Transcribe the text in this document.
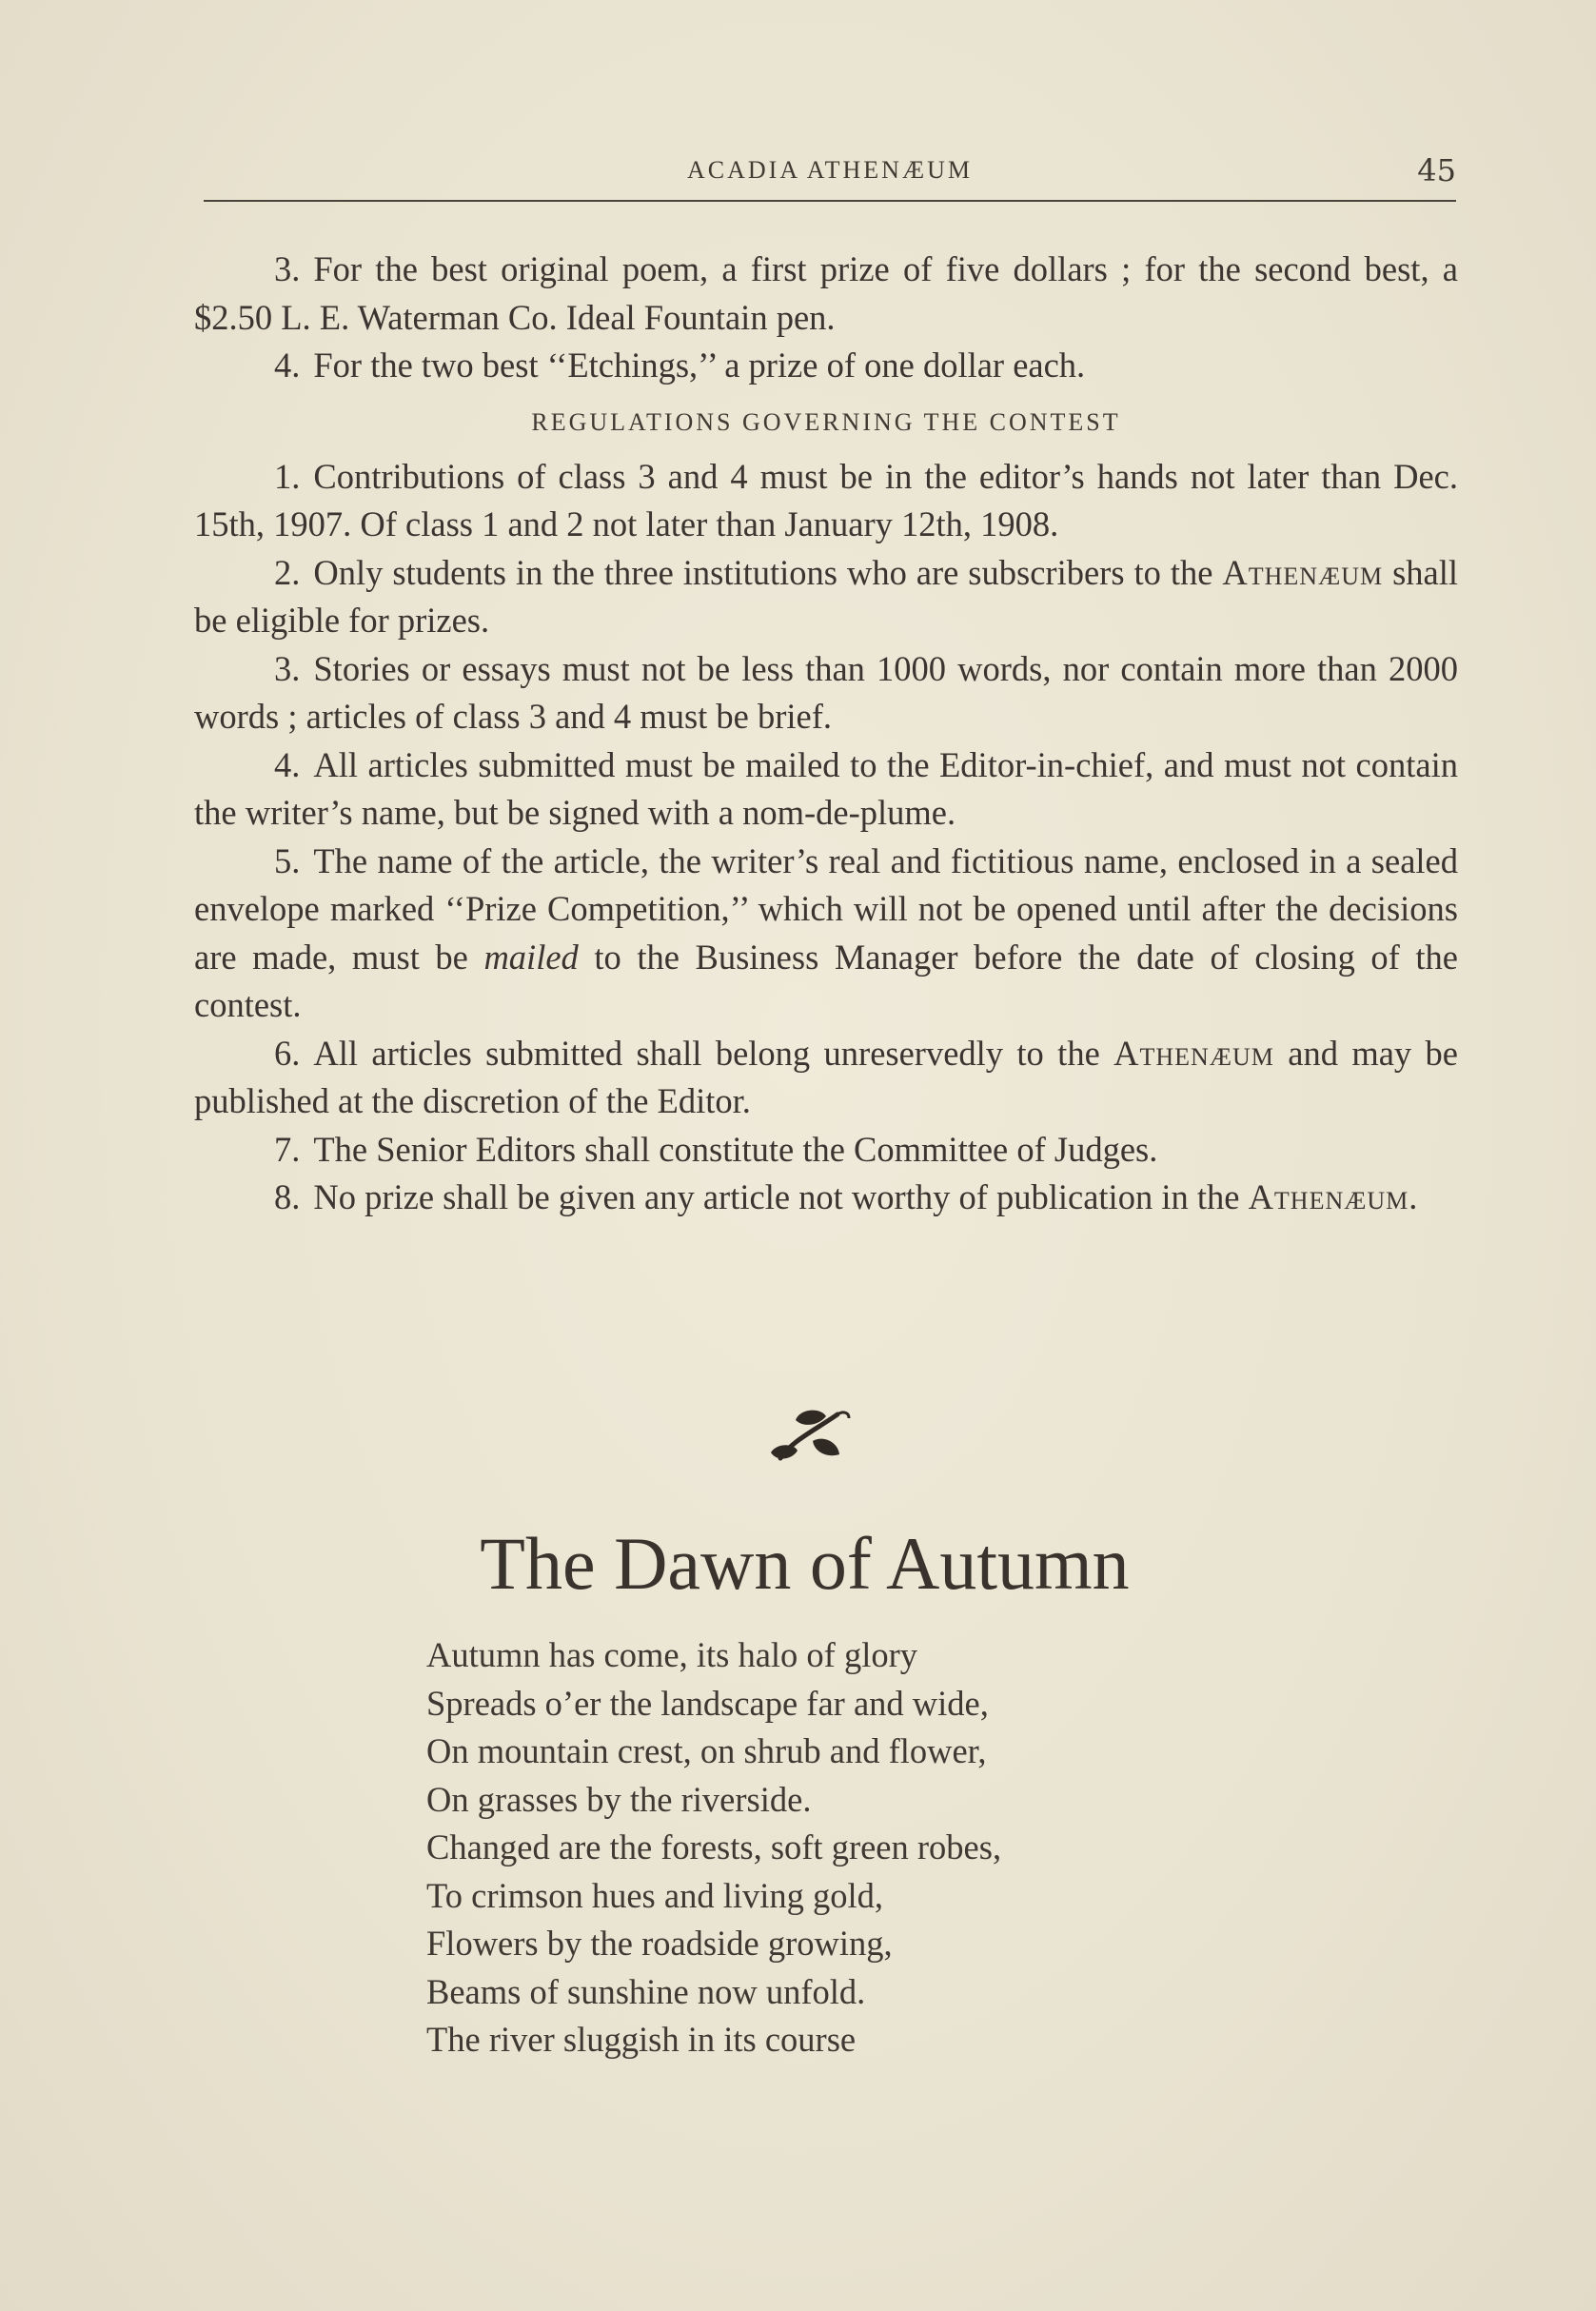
ACADIA ATHENÆUM	45

3. For the best original poem, a first prize of five dollars ; for the second best, a $2.50 L. E. Waterman Co. Ideal Fountain pen.

4. For the two best ‘‘Etchings,’’ a prize of one dollar each.

REGULATIONS GOVERNING THE CONTEST

1. Contributions of class 3 and 4 must be in the editor’s hands not later than Dec. 15th, 1907. Of class 1 and 2 not later than January 12th, 1908.

2. Only students in the three institutions who are subscribers to the Athenæum shall be eligible for prizes.

3. Stories or essays must not be less than 1000 words, nor contain more than 2000 words ; articles of class 3 and 4 must be brief.

4. All articles submitted must be mailed to the Editor-in-chief, and must not contain the writer’s name, but be signed with a nom-de-plume.

5. The name of the article, the writer’s real and fictitious name, enclosed in a sealed envelope marked ‘‘Prize Competition,’’ which will not be opened until after the decisions are made, must be mailed to the Business Manager before the date of closing of the contest.

6. All articles submitted shall belong unreservedly to the Athenæum and may be published at the discretion of the Editor.

7. The Senior Editors shall constitute the Committee of Judges.

8. No prize shall be given any article not worthy of publication in the Athenæum.

The Dawn of Autumn

Autumn has come, its halo of glory

Spreads o’er the landscape far and wide,

On mountain crest, on shrub and flower,

On grasses by the riverside.

Changed are the forests, soft green robes,

To crimson hues and living gold,

Flowers by the roadside growing,

Beams of sunshine now unfold.

The river sluggish in its course
